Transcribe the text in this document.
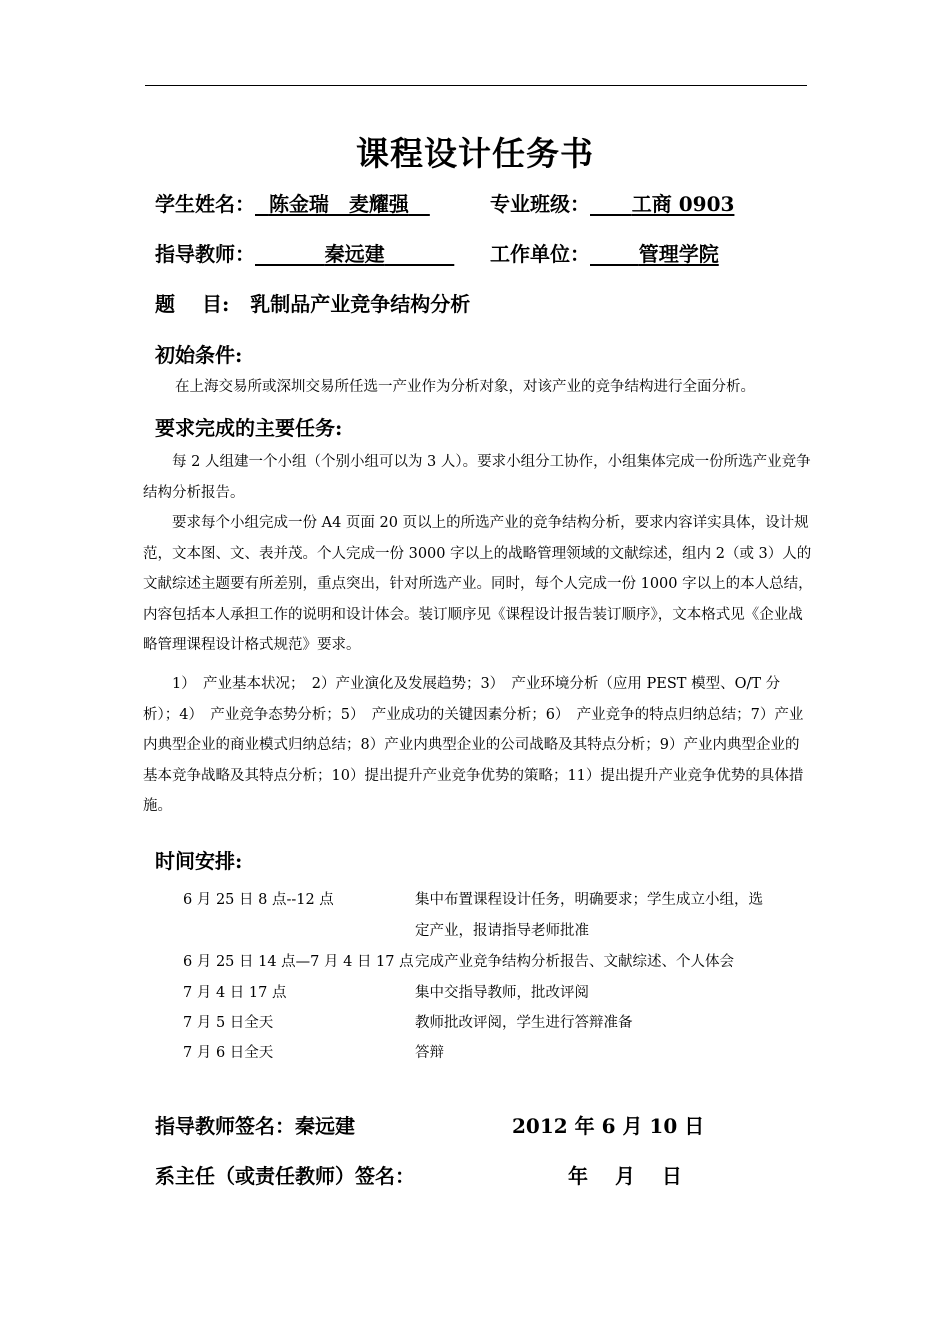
课程设计任务书
学生姓名： 陈金瑞　麦耀强	专业班级： 工商 0903
指导教师：	秦远建	工作单位： 管理学院
题　 目: 乳制品产业竞争结构分析
初始条件:
在上海交易所或深圳交易所任选一产业作为分析对象，对该产业的竞争结构进行全面分析。
要求完成的主要任务:
每 2 人组建一个小组（个别小组可以为 3 人）。要求小组分工协作，小组集体完成一份所选产业竞争结构分析报告。
要求每个小组完成一份 A4 页面 20 页以上的所选产业的竞争结构分析，要求内容详实具体，设计规范，文本图、文、表并茂。个人完成一份 3000 字以上的战略管理领域的文献综述，组内 2（或 3）人的文献综述主题要有所差别，重点突出，针对所选产业。同时，每个人完成一份 1000 字以上的本人总结，内容包括本人承担工作的说明和设计体会。装订顺序见《课程设计报告装订顺序》，文本格式见《企业战略管理课程设计格式规范》要求。
1）　产业基本状况；　2）产业演化及发展趋势；3）　产业环境分析（应用 PEST 模型、O/T 分析）；4）　产业竞争态势分析；5）　产业成功的关键因素分析；6）　产业竞争的特点归纳总结；7）产业内典型企业的商业模式归纳总结；8）产业内典型企业的公司战略及其特点分析；9）产业内典型企业的基本竞争战略及其特点分析；10）提出提升产业竞争优势的策略；11）提出提升产业竞争优势的具体措施。
时间安排:
6 月 25 日 8 点--12 点	集中布置课程设计任务，明确要求；学生成立小组，选
定产业，报请指导老师批准
6 月 25 日 14 点—7 月 4 日 17 点 完成产业竞争结构分析报告、文献综述、个人体会
7 月 4 日 17 点	集中交指导教师，批改评阅
7 月 5 日全天	教师批改评阅，学生进行答辩准备
7 月 6 日全天	答辩
指导教师签名：秦远建	2012 年 6 月 10 日
系主任（或责任教师）签名：	年　 月　 日
